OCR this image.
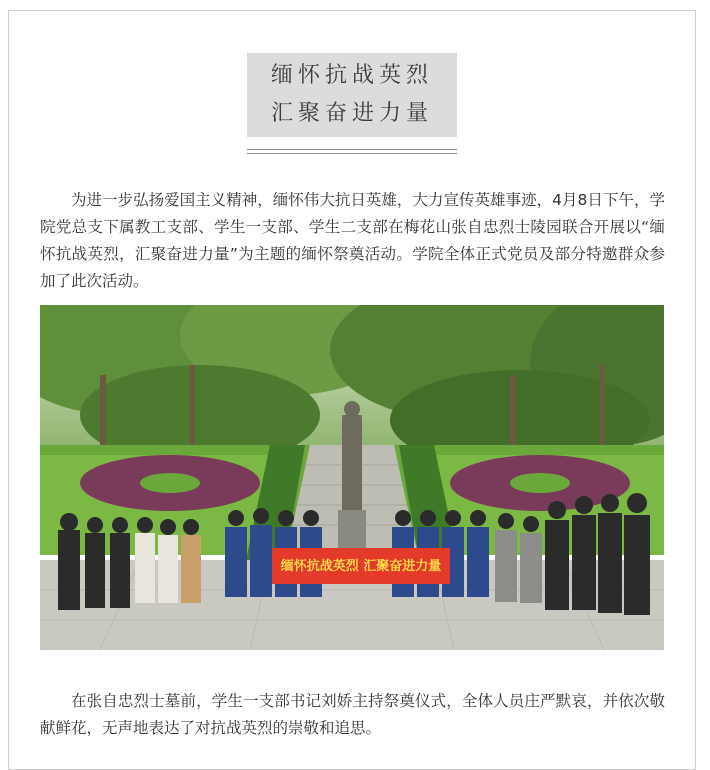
缅怀抗战英烈
汇聚奋进力量

为进一步弘扬爱国主义精神，缅怀伟大抗日英雄，大力宣传英雄事迹，4月8日下午，学院党总支下属教工支部、学生一支部、学生二支部在梅花山张自忠烈士陵园联合开展以“缅怀抗战英烈，汇聚奋进力量”为主题的缅怀祭奠活动。学院全体正式党员及部分特邀群众参加了此次活动。

缅怀抗战英烈 汇聚奋进力量

在张自忠烈士墓前，学生一支部书记刘娇主持祭奠仪式，全体人员庄严默哀，并依次敬献鲜花，无声地表达了对抗战英烈的崇敬和追思。
